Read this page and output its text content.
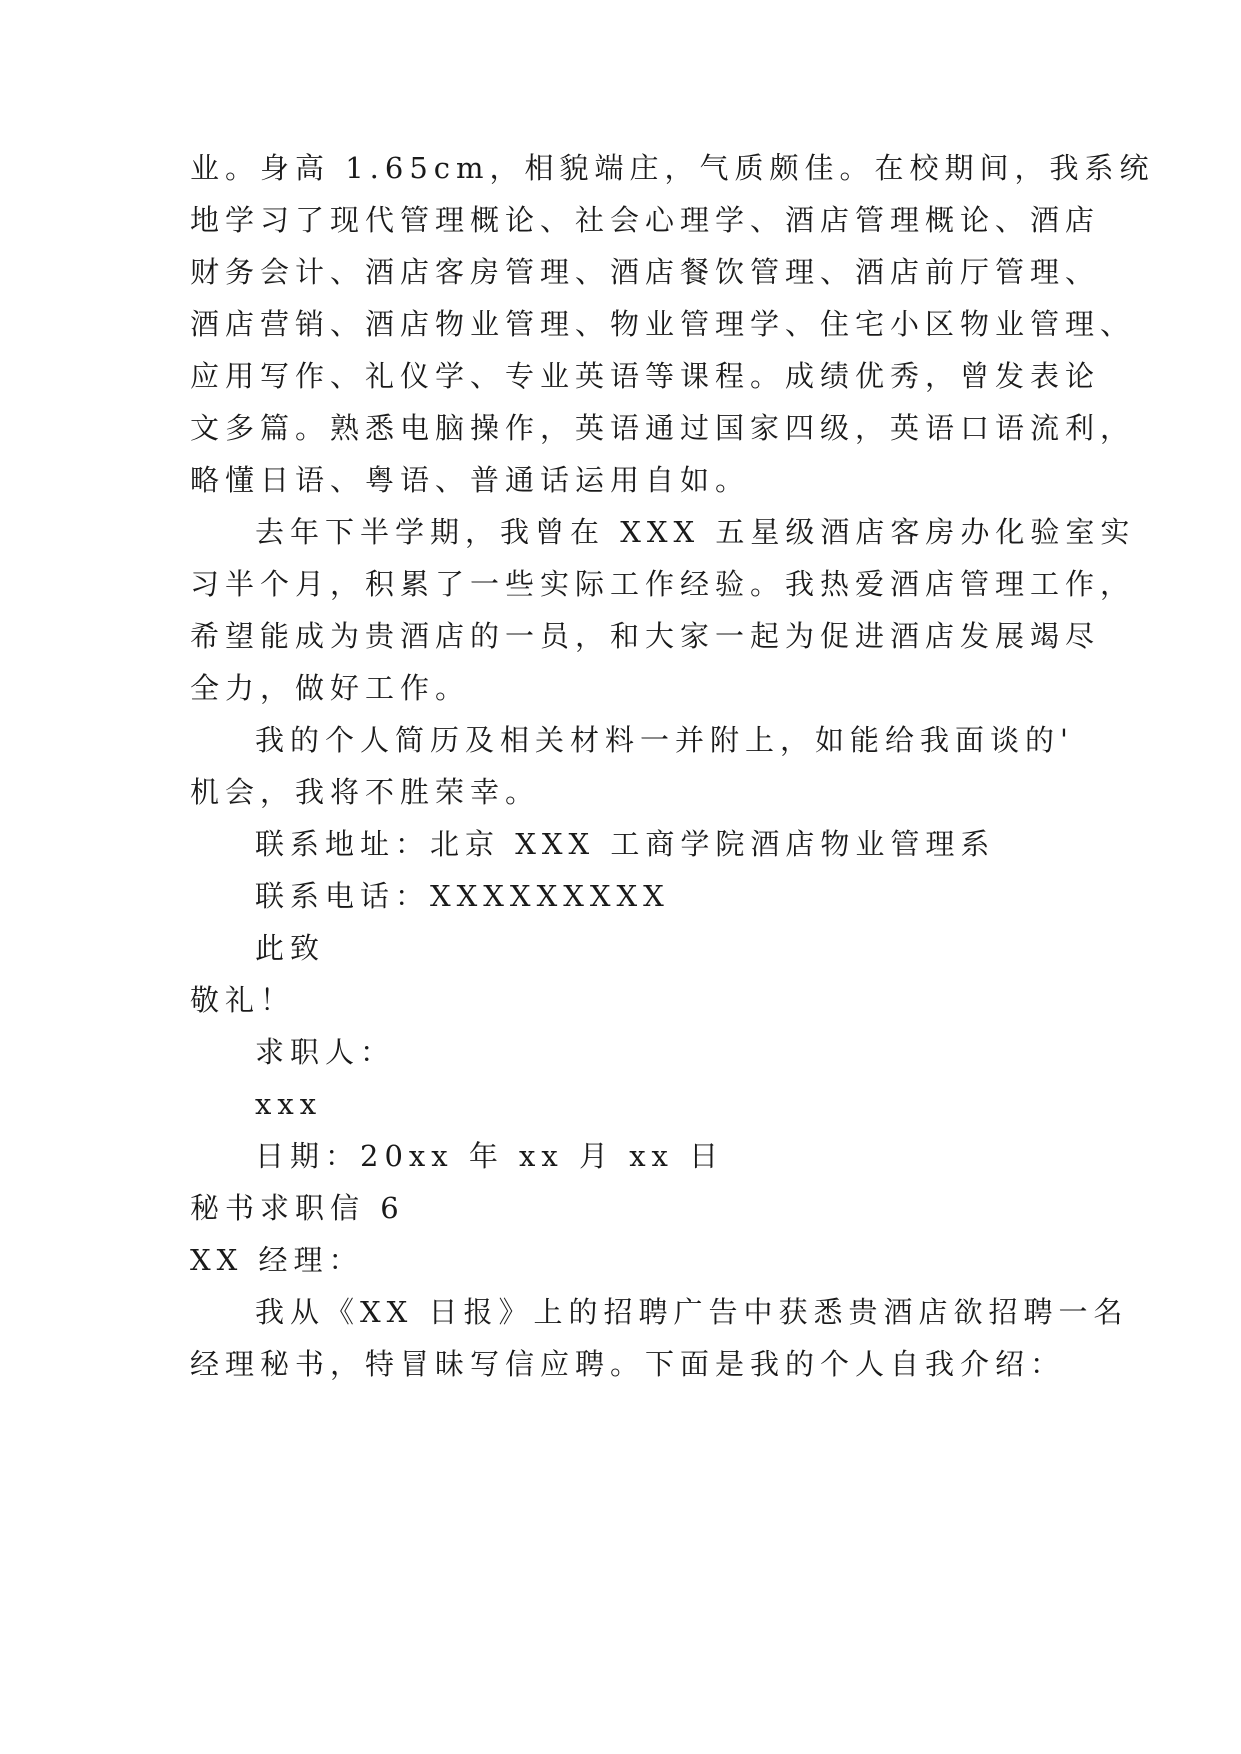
业。身高 1.65cm，相貌端庄，气质颇佳。在校期间，我系统
地学习了现代管理概论、社会心理学、酒店管理概论、酒店
财务会计、酒店客房管理、酒店餐饮管理、酒店前厅管理、
酒店营销、酒店物业管理、物业管理学、住宅小区物业管理、
应用写作、礼仪学、专业英语等课程。成绩优秀，曾发表论
文多篇。熟悉电脑操作，英语通过国家四级，英语口语流利，
略懂日语、粤语、普通话运用自如。
去年下半学期，我曾在 XXX 五星级酒店客房办化验室实
习半个月，积累了一些实际工作经验。我热爱酒店管理工作，
希望能成为贵酒店的一员，和大家一起为促进酒店发展竭尽
全力，做好工作。
我的个人简历及相关材料一并附上，如能给我面谈的'
机会，我将不胜荣幸。
联系地址：北京 XXX 工商学院酒店物业管理系
联系电话：XXXXXXXXX
此致
敬礼！
求职人：
xxx
日期：20xx 年 xx 月 xx 日
秘书求职信 6
XX 经理：
我从《XX 日报》上的招聘广告中获悉贵酒店欲招聘一名
经理秘书，特冒昧写信应聘。下面是我的个人自我介绍：
